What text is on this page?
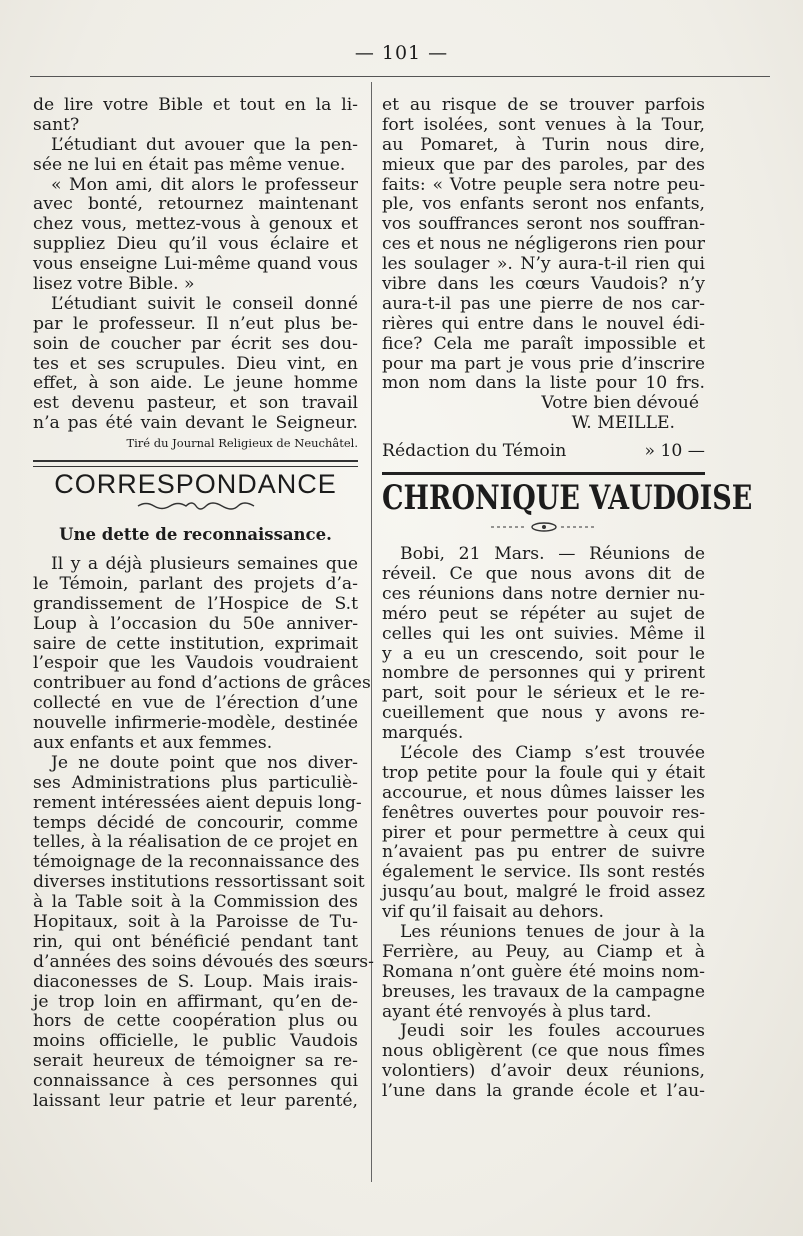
— 101 —
de lire votre Bible et tout en la li-
sant?
L’étudiant dut avouer que la pen-
sée ne lui en était pas même venue.
« Mon ami, dit alors le professeur
avec bonté, retournez maintenant
chez vous, mettez-vous à genoux et
suppliez Dieu qu’il vous éclaire et
vous enseigne Lui-même quand vous
lisez votre Bible. »
L’étudiant suivit le conseil donné
par le professeur. Il n’eut plus be-
soin de coucher par écrit ses dou-
tes et ses scrupules. Dieu vint, en
effet, à son aide. Le jeune homme
est devenu pasteur, et son travail
n’a pas été vain devant le Seigneur.
Tiré du Journal Religieux de Neuchâtel.
CORRESPONDANCE
Une dette de reconnaissance.
Il y a déjà plusieurs semaines que
le Témoin, parlant des projets d’a-
grandissement de l’Hospice de S.t
Loup à l’occasion du 50e anniver-
saire de cette institution, exprimait
l’espoir que les Vaudois voudraient
contribuer au fond d’actions de grâces
collecté en vue de l’érection d’une
nouvelle infirmerie-modèle, destinée
aux enfants et aux femmes.
Je ne doute point que nos diver-
ses Administrations plus particuliè-
rement intéressées aient depuis long-
temps décidé de concourir, comme
telles, à la réalisation de ce projet en
témoignage de la reconnaissance des
diverses institutions ressortissant soit
à la Table soit à la Commission des
Hopitaux, soit à la Paroisse de Tu-
rin, qui ont bénéficié pendant tant
d’années des soins dévoués des sœurs-
diaconesses de S. Loup. Mais irais-
je trop loin en affirmant, qu’en de-
hors de cette coopération plus ou
moins officielle, le public Vaudois
serait heureux de témoigner sa re-
connaissance à ces personnes qui
laissant leur patrie et leur parenté,
et au risque de se trouver parfois
fort isolées, sont venues à la Tour,
au Pomaret, à Turin nous dire,
mieux que par des paroles, par des
faits: « Votre peuple sera notre peu-
ple, vos enfants seront nos enfants,
vos souffrances seront nos souffran-
ces et nous ne négligerons rien pour
les soulager ». N’y aura-t-il rien qui
vibre dans les cœurs Vaudois? n’y
aura-t-il pas une pierre de nos car-
rières qui entre dans le nouvel édi-
fice? Cela me paraît impossible et
pour ma part je vous prie d’inscrire
mon nom dans la liste pour 10 frs.
Votre bien dévoué
W. MEILLE.
Rédaction du Témoin	» 10 —
CHRONIQUE VAUDOISE
Bobi, 21 Mars. — Réunions de
réveil. Ce que nous avons dit de
ces réunions dans notre dernier nu-
méro peut se répéter au sujet de
celles qui les ont suivies. Même il
y a eu un crescendo, soit pour le
nombre de personnes qui y prirent
part, soit pour le sérieux et le re-
cueillement que nous y avons re-
marqués.
L’école des Ciamp s’est trouvée
trop petite pour la foule qui y était
accourue, et nous dûmes laisser les
fenêtres ouvertes pour pouvoir res-
pirer et pour permettre à ceux qui
n’avaient pas pu entrer de suivre
également le service. Ils sont restés
jusqu’au bout, malgré le froid assez
vif qu’il faisait au dehors.
Les réunions tenues de jour à la
Ferrière, au Peuy, au Ciamp et à
Romana n’ont guère été moins nom-
breuses, les travaux de la campagne
ayant été renvoyés à plus tard.
Jeudi soir les foules accourues
nous obligèrent (ce que nous fîmes
volontiers) d’avoir deux réunions,
l’une dans la grande école et l’au-
